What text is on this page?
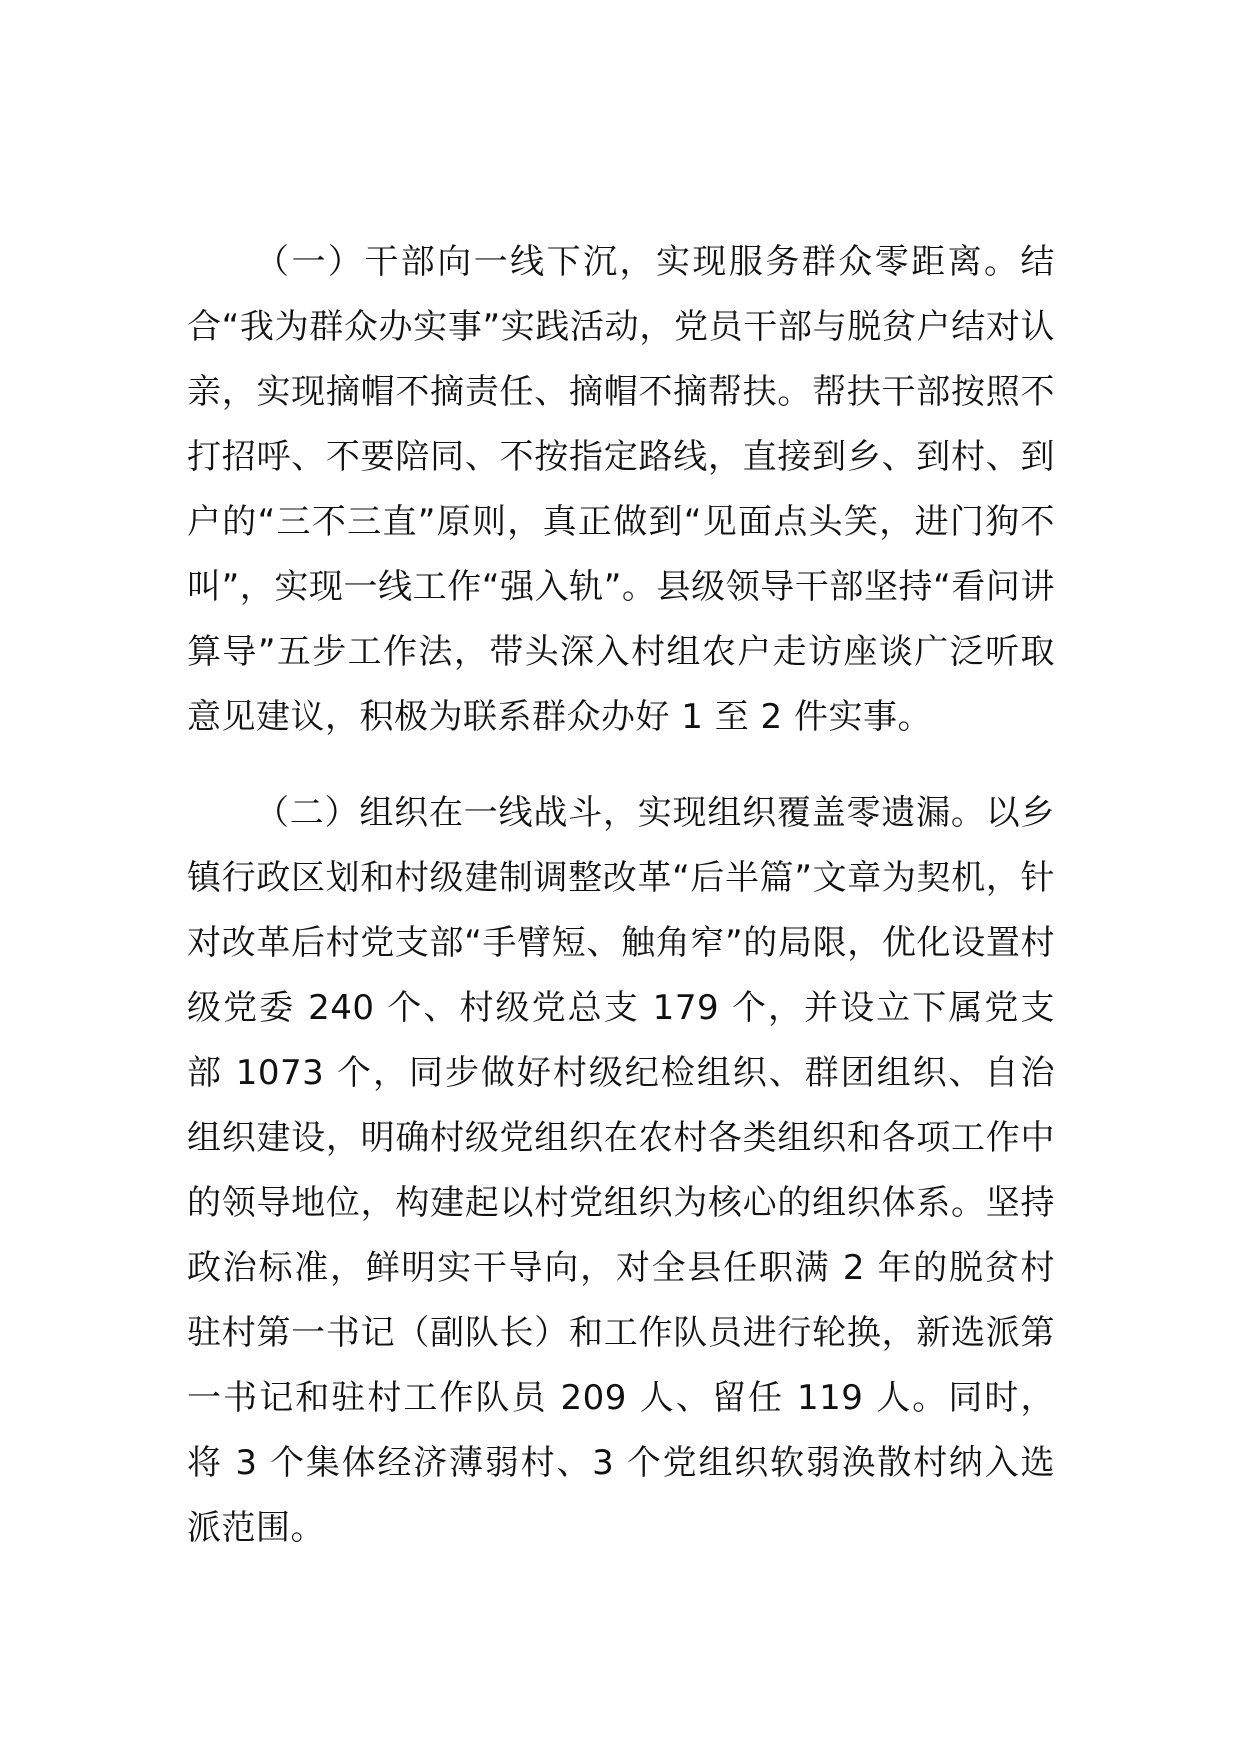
（一）干部向一线下沉，实现服务群众零距离。结合“我为群众办实事”实践活动，党员干部与脱贫户结对认亲，实现摘帽不摘责任、摘帽不摘帮扶。帮扶干部按照不打招呼、不要陪同、不按指定路线，直接到乡、到村、到户的“三不三直”原则，真正做到“见面点头笑，进门狗不叫”，实现一线工作“强入轨”。县级领导干部坚持“看问讲算导”五步工作法，带头深入村组农户走访座谈广泛听取意见建议，积极为联系群众办好 1 至 2 件实事。

（二）组织在一线战斗，实现组织覆盖零遗漏。以乡镇行政区划和村级建制调整改革“后半篇”文章为契机，针对改革后村党支部“手臂短、触角窄”的局限，优化设置村级党委 240 个、村级党总支 179 个，并设立下属党支部 1073 个，同步做好村级纪检组织、群团组织、自治组织建设，明确村级党组织在农村各类组织和各项工作中的领导地位，构建起以村党组织为核心的组织体系。坚持政治标准，鲜明实干导向，对全县任职满 2 年的脱贫村驻村第一书记（副队长）和工作队员进行轮换，新选派第一书记和驻村工作队员 209 人、留任 119 人。同时，将 3 个集体经济薄弱村、3 个党组织软弱涣散村纳入选派范围。
